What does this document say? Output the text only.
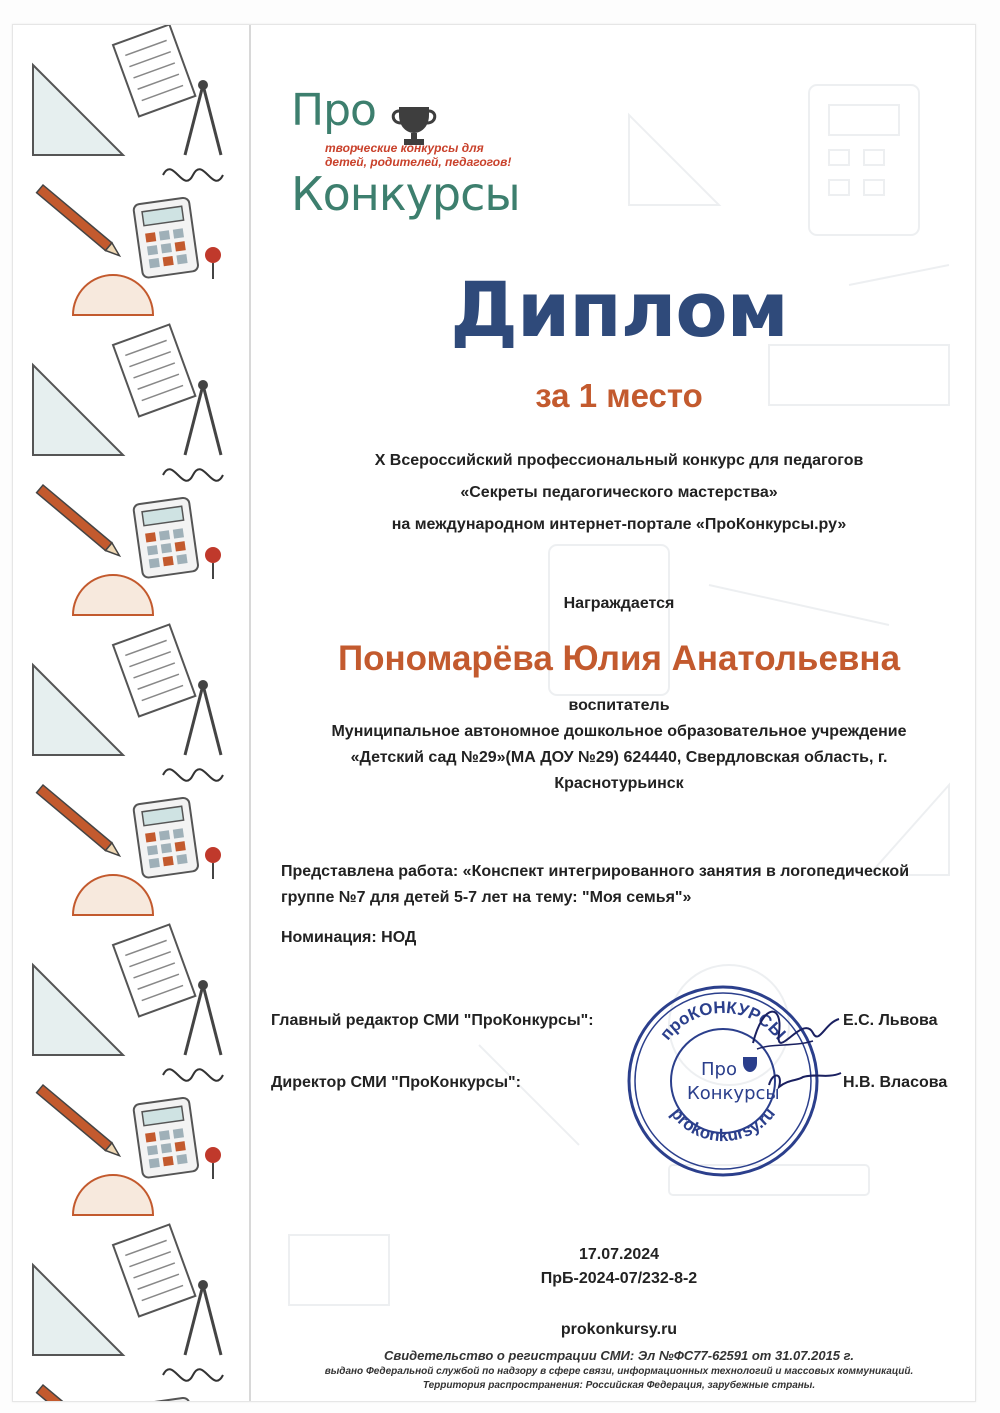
Про
творческие конкурсы для детей, родителей, педагогов!
Конкурсы
Диплом
за 1 место
X Всероссийский профессиональный конкурс для педагогов
«Секреты педагогического мастерства»
на международном интернет-портале «ПроКонкурсы.ру»
Награждается
Пономарёва Юлия Анатольевна
воспитатель
Муниципальное автономное дошкольное образовательное учреждение «Детский сад №29»(МА ДОУ №29) 624440, Свердловская область, г. Краснотурьинск
Представлена работа: «Конспект интегрированного занятия в логопедической группе №7 для детей 5-7 лет на тему: "Моя семья"»
Номинация: НОД
Главный редактор СМИ "ПроКонкурсы":	Е.С. Львова
Директор СМИ "ПроКонкурсы":	Н.В. Власова
проКОНКУРСЫ
prokonkursy.ru
Про
Конкурсы
17.07.2024
ПрБ-2024-07/232-8-2
prokonkursy.ru
Свидетельство о регистрации СМИ: Эл №ФС77-62591 от 31.07.2015 г.
выдано Федеральной службой по надзору в сфере связи, информационных технологий и массовых коммуникаций.
Территория распространения: Российская Федерация, зарубежные страны.
